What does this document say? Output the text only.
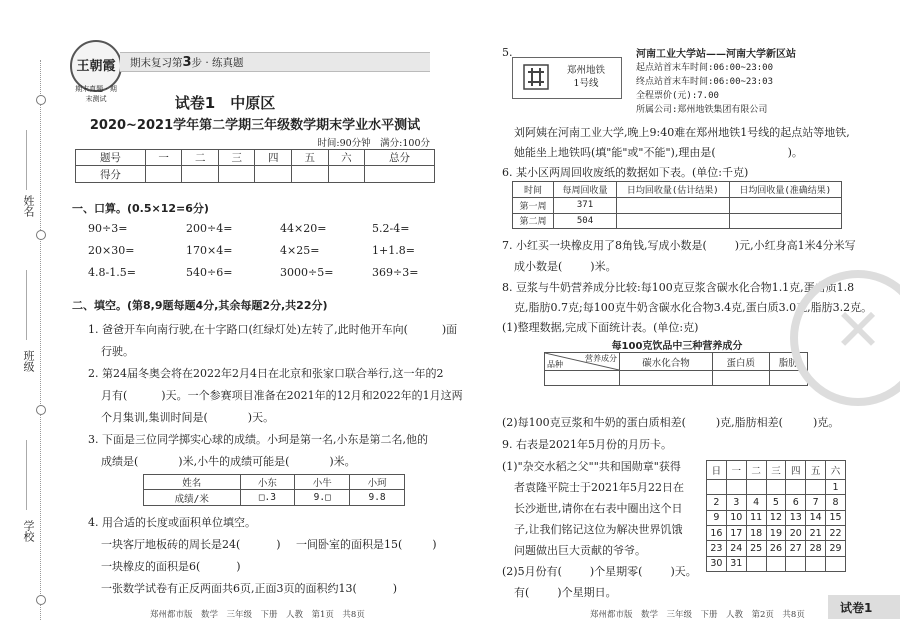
王朝霞
期末真题 · 期末测试
期末复习第3步 · 练真题
试卷1　中原区
2020~2021学年第二学期三年级数学期末学业水平测试
时间:90分钟　满分:100分
题号	一	二	三	四	五	六	总分
得分							
姓名
班级
学校
一、口算。(0.5×12=6分)
90÷3=	200÷4=	44×20=	5.2-4=
20×30=	170×4=	4×25=	1+1.8=
4.8-1.5=	540÷6=	3000÷5=	369÷3=
二、填空。(第8,9题每题4分,其余每题2分,共22分)
1. 爸爸开车向南行驶,在十字路口(红绿灯处)左转了,此时他开车向(	)面
行驶。
2. 第24届冬奥会将在2022年2月4日在北京和张家口联合举行,这一年的2
月有(	)天。一个参赛项目准备在2021年的12月和2022年的1月这两
个月集训,集训时间是(	)天。
3. 下面是三位同学掷实心球的成绩。小珂是第一名,小东是第二名,他的
成绩是(	)米,小牛的成绩可能是(	)米。
姓名	小东	小牛	小珂
成绩/米	□.3	9.□	9.8
4. 用合适的长度或面积单位填空。
一块客厅地板砖的周长是24(	) 一间卧室的面积是15(	)
一块橡皮的面积是6(	)
一张数学试卷有正反两面共6页,正面3页的面积约13(	)
郑州都市版　数学　三年级　下册　人教　第1页　共8页
5.
郑州地铁
1号线
河南工业大学站——河南大学新区站
起点站首末车时间:06:00~23:00
终点站首末车时间:06:00~23:03
全程票价(元):7.00
所属公司:郑州地铁集团有限公司
刘阿姨在河南工业大学,晚上9:40难在郑州地铁1号线的起点站等地铁,
她能坐上地铁吗(填"能"或"不能"),理由是(	)。
6. 某小区两周回收废纸的数据如下表。(单位:千克)
时间	每周回收量	日均回收量(估计结果)	日均回收量(准确结果)
第一周	371		
第二周	504		
7. 小红买一块橡皮用了8角钱,写成小数是(	)元,小红身高1米4分米写
成小数是(	)米。
8. 豆浆与牛奶营养成分比较:每100克豆浆含碳水化合物1.1克,蛋白质1.8
克,脂肪0.7克;每100克牛奶含碳水化合物3.4克,蛋白质3.0克,脂肪3.2克。
(1)整理数据,完成下面统计表。(单位:克)
每100克饮品中三种营养成分
营养成分
品种	碳水化合物	蛋白质	脂肪

(2)每100克豆浆和牛奶的蛋白质相差(	)克,脂肪相差(	)克。
9. 右表是2021年5月份的月历卡。
(1)"杂交水稻之父""共和国勋章"获得
者袁隆平院士于2021年5月22日在
长沙逝世,请你在右表中圈出这个日
子,让我们铭记这位为解决世界饥饿
问题做出巨大贡献的爷爷。
(2)5月份有(	)个星期零(	)天。
有(	)个星期日。
日	一	二	三	四	五	六
						1
2	3	4	5	6	7	8
9	10	11	12	13	14	15
16	17	18	19	20	21	22
23	24	25	26	27	28	29
30	31					
✕
郑州都市版　数学　三年级　下册　人教　第2页　共8页	试卷1
